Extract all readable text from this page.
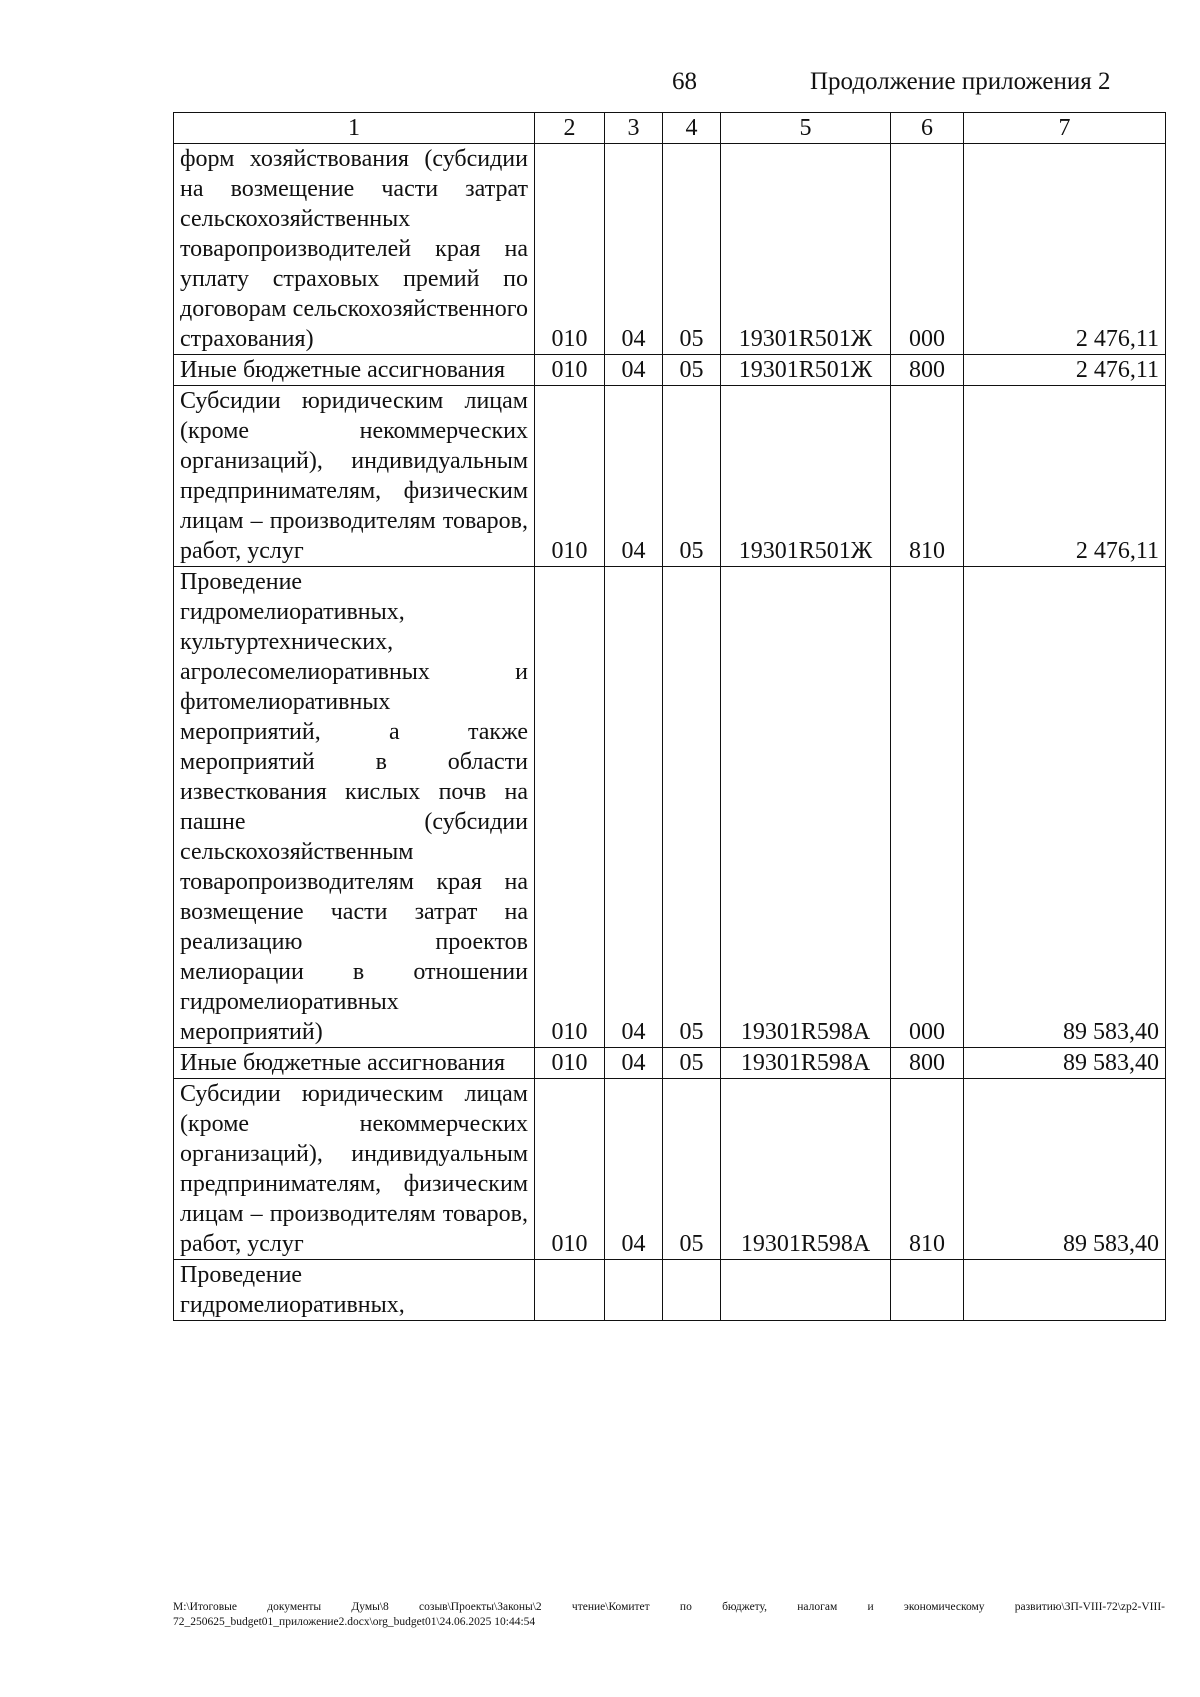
68	Продолжение приложения 2
1	2	3	4	5	6	7
форм хозяйствования (субсидии на возмещение части затрат сельскохозяйственных товаропроизводителей края на уплату страховых премий по договорам сельскохозяйственного страхования)	010	04	05	19301R501Ж	000	2 476,11
Иные бюджетные ассигнования	010	04	05	19301R501Ж	800	2 476,11
Субсидии юридическим лицам (кроме некоммерческих организаций), индивидуальным предпринимателям, физическим лицам – производителям товаров, работ, услуг	010	04	05	19301R501Ж	810	2 476,11
Проведение гидромелиоративных, культуртехнических, агролесомелиоративных и фитомелиоративных мероприятий, а также мероприятий в области известкования кислых почв на пашне (субсидии сельскохозяйственным товаропроизводителям края на возмещение части затрат на реализацию проектов мелиорации в отношении гидромелиоративных мероприятий)	010	04	05	19301R598А	000	89 583,40
Иные бюджетные ассигнования	010	04	05	19301R598А	800	89 583,40
Субсидии юридическим лицам (кроме некоммерческих организаций), индивидуальным предпринимателям, физическим лицам – производителям товаров, работ, услуг	010	04	05	19301R598А	810	89 583,40
Проведение гидромелиоративных,						
M:\Итоговые документы Думы\8 созыв\Проекты\Законы\2 чтение\Комитет по бюджету, налогам и экономическому развитию\ЗП-VIII-72\zp2-VIII-72_250625_budget01_приложение2.docx\org_budget01\24.06.2025 10:44:54
